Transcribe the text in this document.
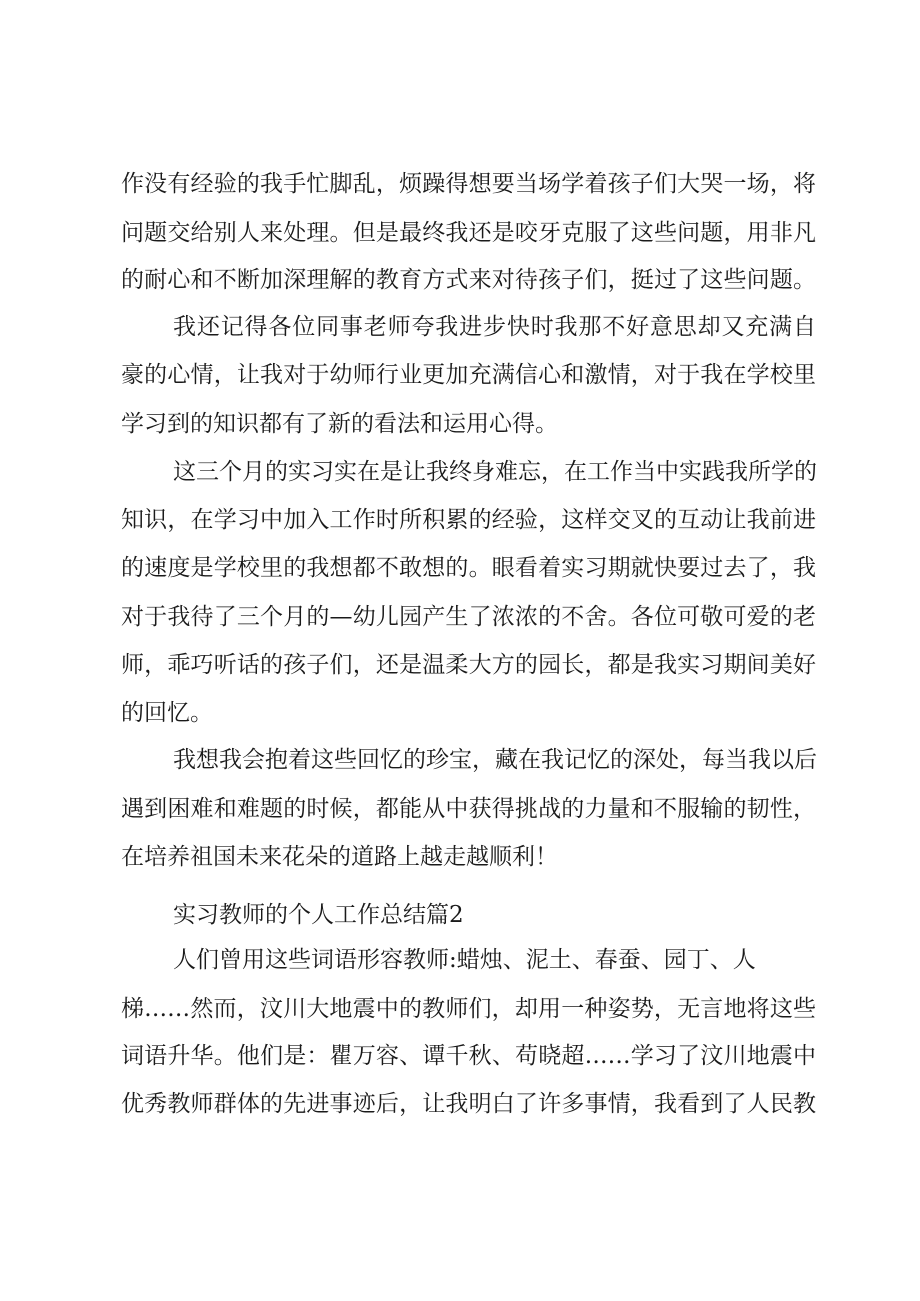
作没有经验的我手忙脚乱，烦躁得想要当场学着孩子们大哭一场，将

问题交给别人来处理。但是最终我还是咬牙克服了这些问题，用非凡

的耐心和不断加深理解的教育方式来对待孩子们，挺过了这些问题。

我还记得各位同事老师夸我进步快时我那不好意思却又充满自

豪的心情，让我对于幼师行业更加充满信心和激情，对于我在学校里

学习到的知识都有了新的看法和运用心得。

这三个月的实习实在是让我终身难忘，在工作当中实践我所学的

知识，在学习中加入工作时所积累的经验，这样交叉的互动让我前进

的速度是学校里的我想都不敢想的。眼看着实习期就快要过去了，我

对于我待了三个月的—幼儿园产生了浓浓的不舍。各位可敬可爱的老

师，乖巧听话的孩子们，还是温柔大方的园长，都是我实习期间美好

的回忆。

我想我会抱着这些回忆的珍宝，藏在我记忆的深处，每当我以后

遇到困难和难题的时候，都能从中获得挑战的力量和不服输的韧性，

在培养祖国未来花朵的道路上越走越顺利！

实习教师的个人工作总结篇2

人们曾用这些词语形容教师:蜡烛、泥土、春蚕、园丁、人

梯……然而，汶川大地震中的教师们，却用一种姿势，无言地将这些

词语升华。他们是：瞿万容、谭千秋、苟晓超……学习了汶川地震中

优秀教师群体的先进事迹后，让我明白了许多事情，我看到了人民教
